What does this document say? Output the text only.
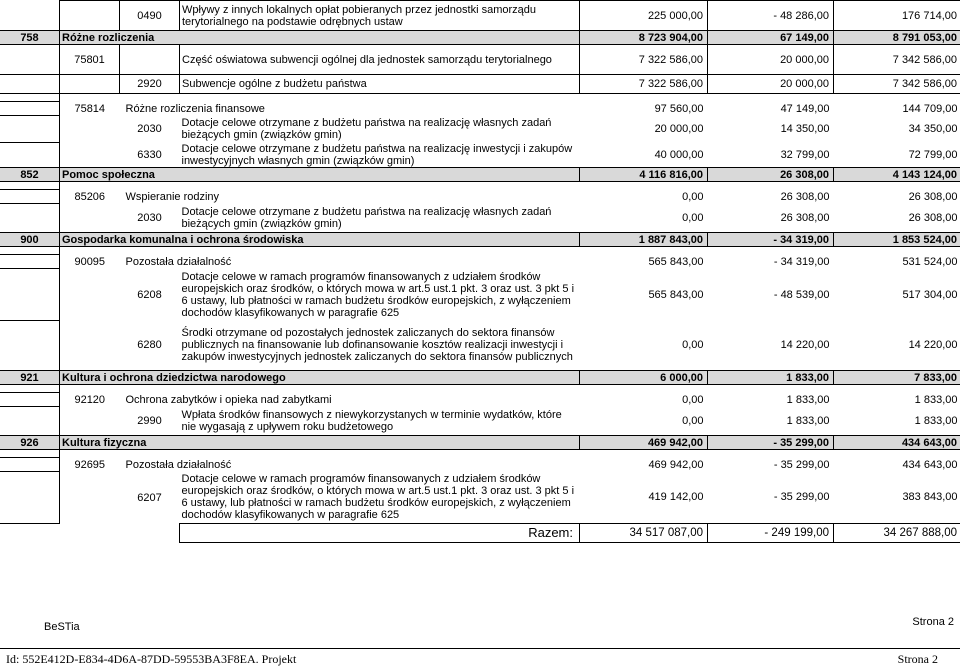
		0490	Wpływy z innych lokalnych opłat pobieranych przez jednostki samorządu terytorialnego na podstawie odrębnych ustaw	225 000,00	- 48 286,00	176 714,00
758	Różne rozliczenia			8 723 904,00	67 149,00	8 791 053,00
	75801		Część oświatowa subwencji ogólnej dla jednostek samorządu terytorialnego	7 322 586,00	20 000,00	7 342 586,00
		2920	Subwencje ogólne z budżetu państwa	7 322 586,00	20 000,00	7 342 586,00

	75814	Różne rozliczenia finansowe		97 560,00	47 149,00	144 709,00
		2030	Dotacje celowe otrzymane z budżetu państwa na realizację własnych zadań bieżących gmin (związków gmin)	20 000,00	14 350,00	34 350,00
		6330	Dotacje celowe otrzymane z budżetu państwa na realizację inwestycji i zakupów inwestycyjnych własnych gmin (związków gmin)	40 000,00	32 799,00	72 799,00
852	Pomoc społeczna			4 116 816,00	26 308,00	4 143 124,00

	85206	Wspieranie rodziny		0,00	26 308,00	26 308,00
		2030	Dotacje celowe otrzymane z budżetu państwa na realizację własnych zadań bieżących gmin (związków gmin)	0,00	26 308,00	26 308,00
900	Gospodarka komunalna i ochrona środowiska			1 887 843,00	- 34 319,00	1 853 524,00

	90095	Pozostała działalność		565 843,00	- 34 319,00	531 524,00
		6208	Dotacje celowe w ramach programów finansowanych z udziałem środków europejskich oraz środków, o których mowa w art.5 ust.1 pkt. 3 oraz ust. 3 pkt 5 i 6 ustawy, lub płatności w ramach budżetu środków europejskich, z wyłączeniem dochodów klasyfikowanych w paragrafie 625	565 843,00	- 48 539,00	517 304,00
		6280	Środki otrzymane od pozostałych jednostek zaliczanych do sektora finansów publicznych na finansowanie lub dofinansowanie kosztów realizacji inwestycji i zakupów inwestycyjnych jednostek zaliczanych do sektora finansów publicznych	0,00	14 220,00	14 220,00
921	Kultura i ochrona dziedzictwa narodowego			6 000,00	1 833,00	7 833,00

	92120	Ochrona zabytków i opieka nad zabytkami		0,00	1 833,00	1 833,00
		2990	Wpłata środków finansowych z niewykorzystanych w terminie wydatków, które nie wygasają z upływem roku budżetowego	0,00	1 833,00	1 833,00
926	Kultura fizyczna			469 942,00	- 35 299,00	434 643,00

	92695	Pozostała działalność		469 942,00	- 35 299,00	434 643,00
		6207	Dotacje celowe w ramach programów finansowanych z udziałem środków europejskich oraz środków, o których mowa w art.5 ust.1 pkt. 3 oraz ust. 3 pkt 5 i 6 ustawy, lub płatności w ramach budżetu środków europejskich, z wyłączeniem dochodów klasyfikowanych w paragrafie 625	419 142,00	- 35 299,00	383 843,00
			Razem:	34 517 087,00	- 249 199,00	34 267 888,00
BeSTia	Strona 2
Id: 552E412D-E834-4D6A-87DD-59553BA3F8EA. Projekt	Strona 2
